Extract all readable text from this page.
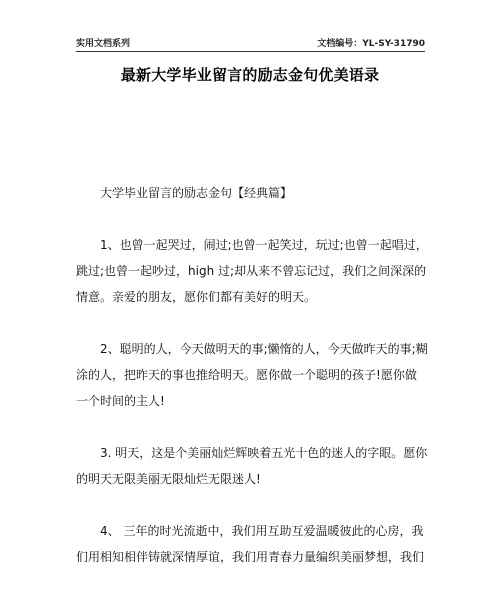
实用文档系列	文档编号：YL-SY-31790
最新大学毕业留言的励志金句优美语录

大学毕业留言的励志金句【经典篇】

1、也曾一起哭过，闹过;也曾一起笑过，玩过;也曾一起唱过，跳过;也曾一起吵过，high 过;却从来不曾忘记过，我们之间深深的情意。亲爱的朋友，愿你们都有美好的明天。

2、聪明的人，今天做明天的事;懒惰的人，今天做昨天的事;糊涂的人，把昨天的事也推给明天。愿你做一个聪明的孩子!愿你做一个时间的主人!

3. 明天，这是个美丽灿烂辉映着五光十色的迷人的字眼。愿你的明天无限美丽无限灿烂无限迷人!

4、 三年的时光流逝中，我们用互助互爱温暖彼此的心房，我们用相知相伴铸就深情厚谊，我们用青春力量编织美丽梦想，我们
